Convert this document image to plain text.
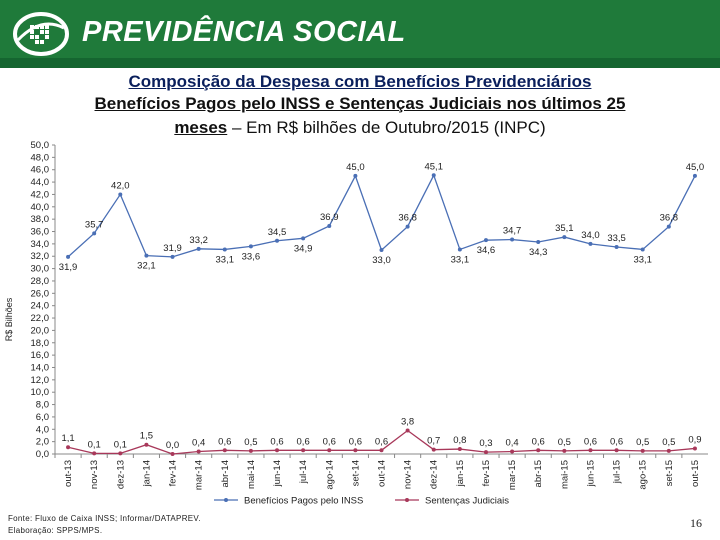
PREVIDÊNCIA SOCIAL
Composição da Despesa com Benefícios Previdenciários
Benefícios Pagos pelo INSS e Sentenças Judiciais nos últimos 25
meses – Em R$ bilhões de Outubro/2015 (INPC)
0,0
2,0
4,0
6,0
8,0
10,0
12,0
14,0
16,0
18,0
20,0
22,0
24,0
26,0
28,0
30,0
32,0
34,0
36,0
38,0
40,0
42,0
44,0
46,0
48,0
50,0
R$ Bilhões
out-13 nov-13 dez-13 jan-14 fev-14 mar-14 abr-14 mai-14 jun-14 jul-14 ago-14 set-14 out-14 nov-14 dez-14 jan-15 fev-15 mar-15 abr-15 mai-15 jun-15 jul-15 ago-15 set-15 out-15
31,9
35,7
42,0
32,1
31,9
33,2
33,1 33,6
34,5
34,9
36,9
45,0
33,0
36,8
45,1
33,1
34,6
34,7
34,3
35,1
34,0 33,5
33,1
36,8
45,0
1,1
0,1 0,1
1,5
0,0 0,4 0,6 0,5 0,6 0,6 0,6 0,6 0,6
3,8
0,7 0,8 0,3 0,4 0,6 0,5 0,6 0,6 0,5 0,5 0,9
Benefícios Pagos pelo INSS	Sentenças Judiciais
Fonte: Fluxo de Caixa INSS; Informar/DATAPREV.
Elaboração: SPPS/MPS.
16
